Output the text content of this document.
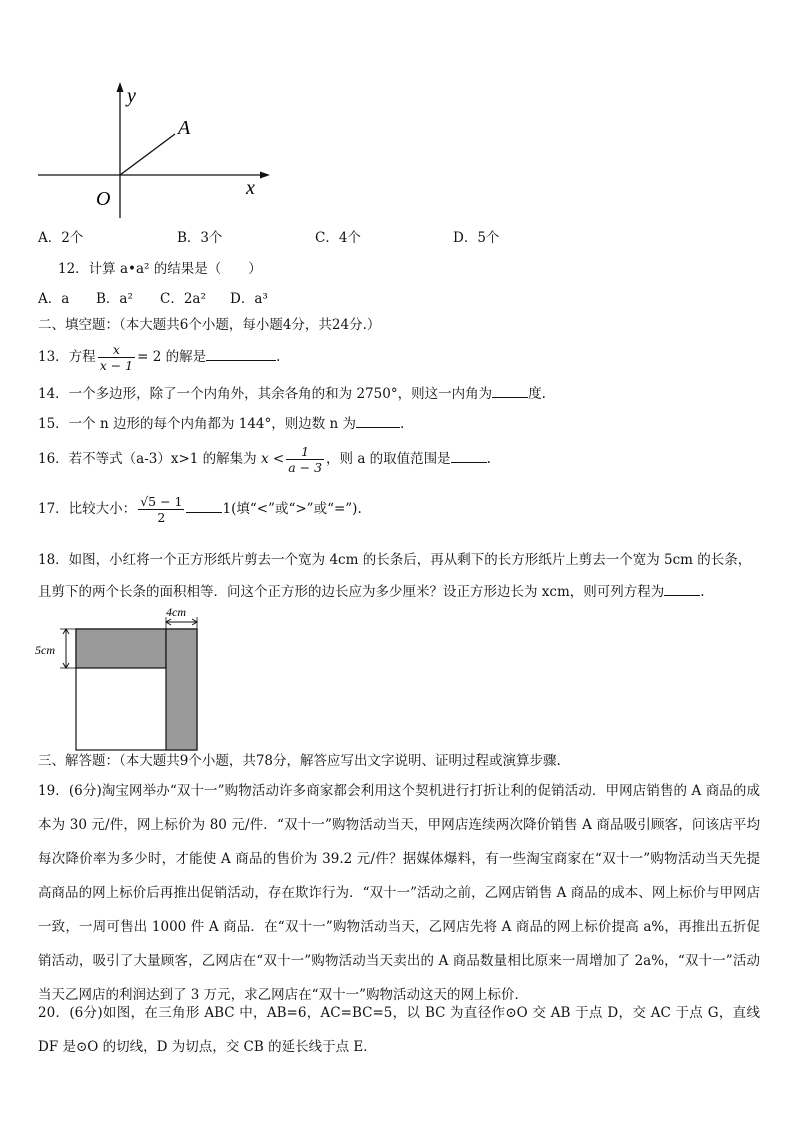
y
A
O	x
A．2个	B．3个	C．4个	D．5个
12．计算 a•a² 的结果是（　　）
A．a B．a² C．2a² D．a³
二、填空题：（本大题共6个小题，每小题4分，共24分.）
13．方程 $\frac{x}{x - 1} = 2$ 的解是	.
14．一个多边形，除了一个内角外，其余各角的和为 2750°，则这一内角为	度.
15．一个 n 边形的每个内角都为 144°，则边数 n 为	.
16．若不等式（a-3）x>1 的解集为 $x < \frac{1}{a - 3}$ ，则 a 的取值范围是	.
17．比较大小： $\frac{√5 - 1}{2}$	1(填“<”或“>”或“=”).
18．如图，小红将一个正方形纸片剪去一个宽为 4cm 的长条后，再从剩下的长方形纸片上剪去一个宽为 5cm 的长条，
且剪下的两个长条的面积相等．问这个正方形的边长应为多少厘米？设正方形边长为 xcm，则可列方程为	.
4cm
5cm
三、解答题：（本大题共9个小题，共78分，解答应写出文字说明、证明过程或演算步骤.
19．(6分)淘宝网举办“双十一”购物活动许多商家都会利用这个契机进行打折让利的促销活动．甲网店销售的 A 商品的成本为 30 元/件，网上标价为 80 元/件．“双十一”购物活动当天，甲网店连续两次降价销售 A 商品吸引顾客，问该店平均每次降价率为多少时，才能使 A 商品的售价为 39.2 元/件？据媒体爆料，有一些淘宝商家在“双十一”购物活动当天先提高商品的网上标价后再推出促销活动，存在欺诈行为．“双十一”活动之前，乙网店销售 A 商品的成本、网上标价与甲网店一致，一周可售出 1000 件 A 商品．在“双十一”购物活动当天，乙网店先将 A 商品的网上标价提高 a%，再推出五折促销活动，吸引了大量顾客，乙网店在“双十一”购物活动当天卖出的 A 商品数量相比原来一周增加了 2a%，“双十一”活动当天乙网店的利润达到了 3 万元，求乙网店在“双十一”购物活动这天的网上标价．
20．(6分)如图，在三角形 ABC 中，AB=6，AC=BC=5，以 BC 为直径作⊙O 交 AB 于点 D，交 AC 于点 G，直线 DF 是⊙O 的切线，D 为切点，交 CB 的延长线于点 E．
